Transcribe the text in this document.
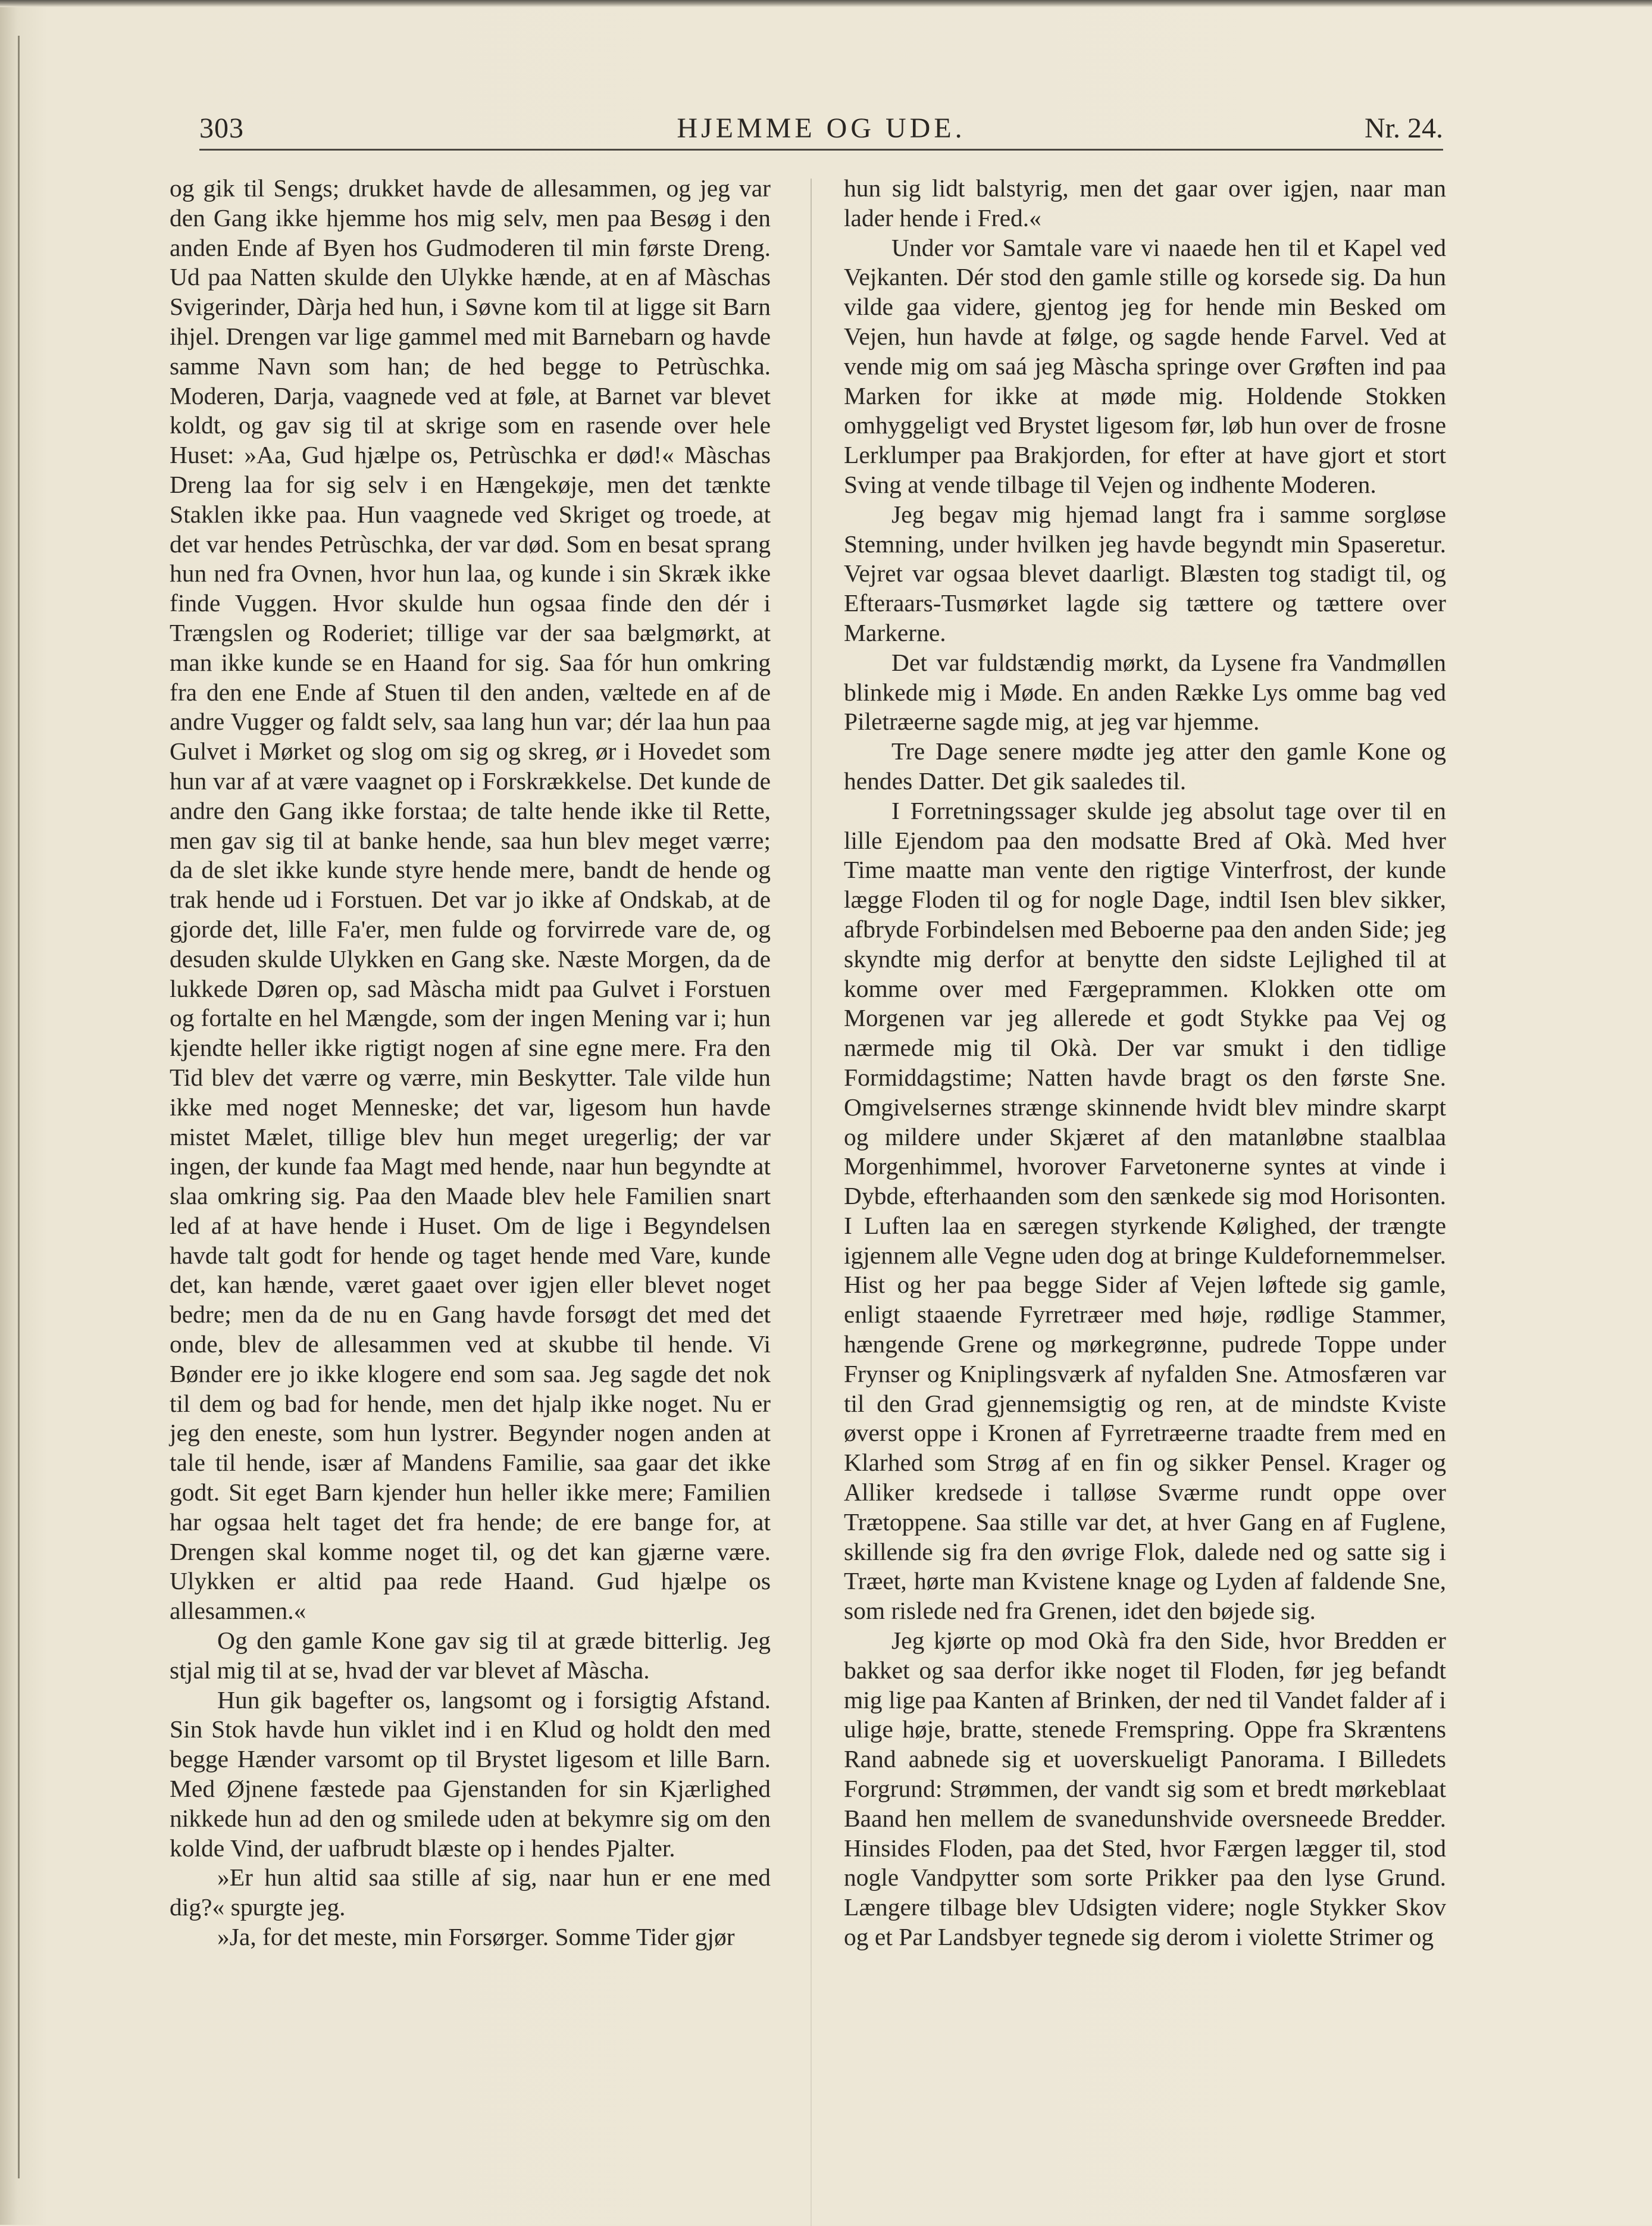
303	HJEMME OG UDE.	Nr. 24.

og gik til Sengs; drukket havde de allesammen, og jeg var den Gang ikke hjemme hos mig selv, men paa Besøg i den anden Ende af Byen hos Gudmoderen til min første Dreng. Ud paa Natten skulde den Ulykke hænde, at en af Màschas Svigerinder, Dàrja hed hun, i Søvne kom til at ligge sit Barn ihjel. Drengen var lige gammel med mit Barnebarn og havde samme Navn som han; de hed begge to Petrùschka. Moderen, Darja, vaagnede ved at føle, at Barnet var blevet koldt, og gav sig til at skrige som en rasende over hele Huset: »Aa, Gud hjælpe os, Petrùschka er død!« Màschas Dreng laa for sig selv i en Hængekøje, men det tænkte Staklen ikke paa. Hun vaagnede ved Skriget og troede, at det var hendes Petrùschka, der var død. Som en besat sprang hun ned fra Ovnen, hvor hun laa, og kunde i sin Skræk ikke finde Vuggen. Hvor skulde hun ogsaa finde den dér i Trængslen og Roderiet; tillige var der saa bælgmørkt, at man ikke kunde se en Haand for sig. Saa fór hun omkring fra den ene Ende af Stuen til den anden, væltede en af de andre Vugger og faldt selv, saa lang hun var; dér laa hun paa Gulvet i Mørket og slog om sig og skreg, ør i Hovedet som hun var af at være vaagnet op i Forskrækkelse. Det kunde de andre den Gang ikke forstaa; de talte hende ikke til Rette, men gav sig til at banke hende, saa hun blev meget værre; da de slet ikke kunde styre hende mere, bandt de hende og trak hende ud i Forstuen. Det var jo ikke af Ondskab, at de gjorde det, lille Fa'er, men fulde og forvirrede vare de, og desuden skulde Ulykken en Gang ske. Næste Morgen, da de lukkede Døren op, sad Màscha midt paa Gulvet i Forstuen og fortalte en hel Mængde, som der ingen Mening var i; hun kjendte heller ikke rigtigt nogen af sine egne mere. Fra den Tid blev det værre og værre, min Beskytter. Tale vilde hun ikke med noget Menneske; det var, ligesom hun havde mistet Mælet, tillige blev hun meget uregerlig; der var ingen, der kunde faa Magt med hende, naar hun begyndte at slaa omkring sig. Paa den Maade blev hele Familien snart led af at have hende i Huset. Om de lige i Begyndelsen havde talt godt for hende og taget hende med Vare, kunde det, kan hænde, været gaaet over igjen eller blevet noget bedre; men da de nu en Gang havde forsøgt det med det onde, blev de allesammen ved at skubbe til hende. Vi Bønder ere jo ikke klogere end som saa. Jeg sagde det nok til dem og bad for hende, men det hjalp ikke noget. Nu er jeg den eneste, som hun lystrer. Begynder nogen anden at tale til hende, især af Mandens Familie, saa gaar det ikke godt. Sit eget Barn kjender hun heller ikke mere; Familien har ogsaa helt taget det fra hende; de ere bange for, at Drengen skal komme noget til, og det kan gjærne være. Ulykken er altid paa rede Haand. Gud hjælpe os allesammen.«

Og den gamle Kone gav sig til at græde bitterlig. Jeg stjal mig til at se, hvad der var blevet af Màscha.

Hun gik bagefter os, langsomt og i forsigtig Afstand. Sin Stok havde hun viklet ind i en Klud og holdt den med begge Hænder varsomt op til Brystet ligesom et lille Barn. Med Øjnene fæstede paa Gjenstanden for sin Kjærlighed nikkede hun ad den og smilede uden at bekymre sig om den kolde Vind, der uafbrudt blæste op i hendes Pjalter.

»Er hun altid saa stille af sig, naar hun er ene med dig?« spurgte jeg.

»Ja, for det meste, min Forsørger. Somme Tider gjør

hun sig lidt balstyrig, men det gaar over igjen, naar man lader hende i Fred.«

Under vor Samtale vare vi naaede hen til et Kapel ved Vejkanten. Dér stod den gamle stille og korsede sig. Da hun vilde gaa videre, gjentog jeg for hende min Besked om Vejen, hun havde at følge, og sagde hende Farvel. Ved at vende mig om saá jeg Màscha springe over Grøften ind paa Marken for ikke at møde mig. Holdende Stokken omhyggeligt ved Brystet ligesom før, løb hun over de frosne Lerklumper paa Brakjorden, for efter at have gjort et stort Sving at vende tilbage til Vejen og indhente Moderen.

Jeg begav mig hjemad langt fra i samme sorgløse Stemning, under hvilken jeg havde begyndt min Spaseretur. Vejret var ogsaa blevet daarligt. Blæsten tog stadigt til, og Efteraars-Tusmørket lagde sig tættere og tættere over Markerne.

Det var fuldstændig mørkt, da Lysene fra Vandmøllen blinkede mig i Møde. En anden Række Lys omme bag ved Piletræerne sagde mig, at jeg var hjemme.

Tre Dage senere mødte jeg atter den gamle Kone og hendes Datter. Det gik saaledes til.

I Forretningssager skulde jeg absolut tage over til en lille Ejendom paa den modsatte Bred af Okà. Med hver Time maatte man vente den rigtige Vinterfrost, der kunde lægge Floden til og for nogle Dage, indtil Isen blev sikker, afbryde Forbindelsen med Beboerne paa den anden Side; jeg skyndte mig derfor at benytte den sidste Lejlighed til at komme over med Færgeprammen. Klokken otte om Morgenen var jeg allerede et godt Stykke paa Vej og nærmede mig til Okà. Der var smukt i den tidlige Formiddagstime; Natten havde bragt os den første Sne. Omgivelsernes strænge skinnende hvidt blev mindre skarpt og mildere under Skjæret af den matanløbne staalblaa Morgenhimmel, hvorover Farvetonerne syntes at vinde i Dybde, efterhaanden som den sænkede sig mod Horisonten. I Luften laa en særegen styrkende Kølighed, der trængte igjennem alle Vegne uden dog at bringe Kuldefornemmelser. Hist og her paa begge Sider af Vejen løftede sig gamle, enligt staaende Fyrretræer med høje, rødlige Stammer, hængende Grene og mørkegrønne, pudrede Toppe under Frynser og Kniplingsværk af nyfalden Sne. Atmosfæren var til den Grad gjennemsigtig og ren, at de mindste Kviste øverst oppe i Kronen af Fyrretræerne traadte frem med en Klarhed som Strøg af en fin og sikker Pensel. Krager og Alliker kredsede i talløse Sværme rundt oppe over Trætoppene. Saa stille var det, at hver Gang en af Fuglene, skillende sig fra den øvrige Flok, dalede ned og satte sig i Træet, hørte man Kvistene knage og Lyden af faldende Sne, som rislede ned fra Grenen, idet den bøjede sig.

Jeg kjørte op mod Okà fra den Side, hvor Bredden er bakket og saa derfor ikke noget til Floden, før jeg befandt mig lige paa Kanten af Brinken, der ned til Vandet falder af i ulige høje, bratte, stenede Fremspring. Oppe fra Skræntens Rand aabnede sig et uoverskueligt Panorama. I Billedets Forgrund: Strømmen, der vandt sig som et bredt mørkeblaat Baand hen mellem de svanedunshvide oversneede Bredder. Hinsides Floden, paa det Sted, hvor Færgen lægger til, stod nogle Vandpytter som sorte Prikker paa den lyse Grund. Længere tilbage blev Udsigten videre; nogle Stykker Skov og et Par Landsbyer tegnede sig derom i violette Strimer og
